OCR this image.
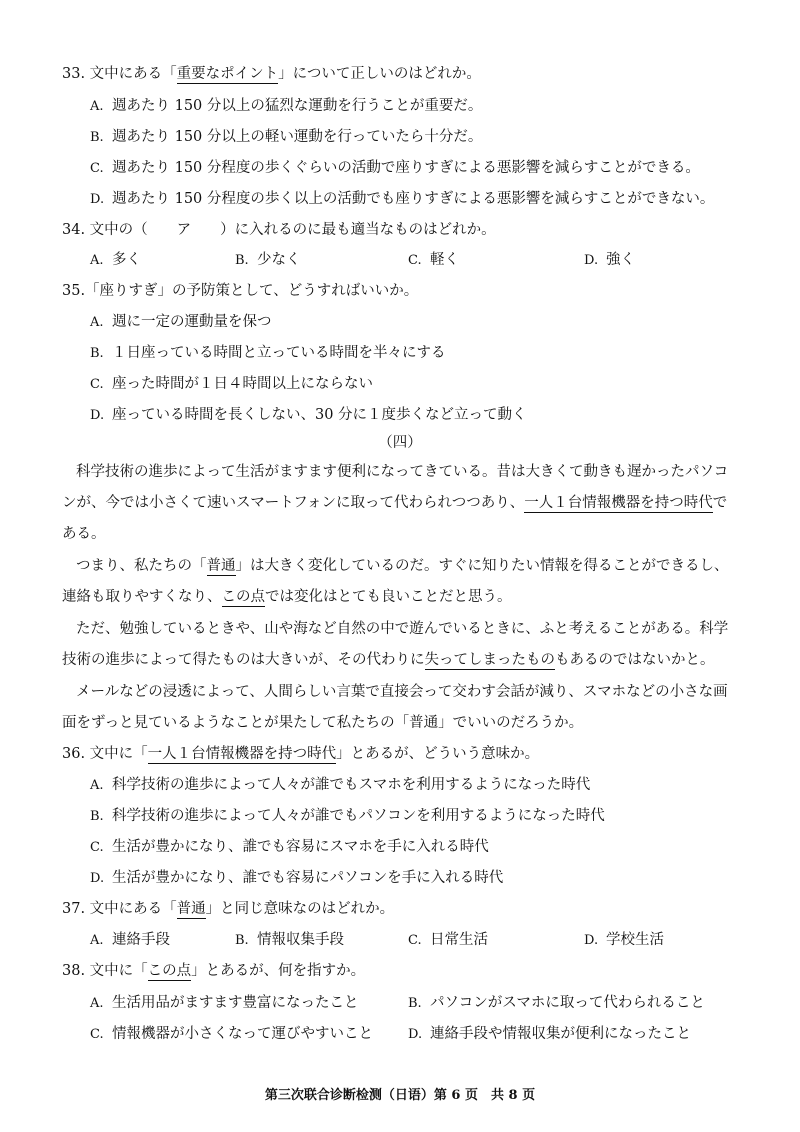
33. 文中にある「重要なポイント」について正しいのはどれか。
A. 週あたり 150 分以上の猛烈な運動を行うことが重要だ。
B. 週あたり 150 分以上の軽い運動を行っていたら十分だ。
C. 週あたり 150 分程度の歩くぐらいの活動で座りすぎによる悪影響を減らすことができる。
D. 週あたり 150 分程度の歩く以上の活動でも座りすぎによる悪影響を減らすことができない。
34. 文中の（　　ア　　）に入れるのに最も適当なものはどれか。
A. 多く	B. 少なく	C. 軽く	D. 強く
35.「座りすぎ」の予防策として、どうすればいいか。
A. 週に一定の運動量を保つ
B. １日座っている時間と立っている時間を半々にする
C. 座った時間が１日４時間以上にならない
D. 座っている時間を長くしない、30 分に１度歩くなど立って動く
（四）
科学技術の進歩によって生活がますます便利になってきている。昔は大きくて動きも遅かったパソコ
ンが、今では小さくて速いスマートフォンに取って代わられつつあり、一人１台情報機器を持つ時代で
ある。
つまり、私たちの「普通」は大きく変化しているのだ。すぐに知りたい情報を得ることができるし、
連絡も取りやすくなり、この点では変化はとても良いことだと思う。
ただ、勉強しているときや、山や海など自然の中で遊んでいるときに、ふと考えることがある。科学
技術の進歩によって得たものは大きいが、その代わりに失ってしまったものもあるのではないかと。
メールなどの浸透によって、人間らしい言葉で直接会って交わす会話が減り、スマホなどの小さな画
面をずっと見ているようなことが果たして私たちの「普通」でいいのだろうか。
36. 文中に「一人１台情報機器を持つ時代」とあるが、どういう意味か。
A. 科学技術の進歩によって人々が誰でもスマホを利用するようになった時代
B. 科学技術の進歩によって人々が誰でもパソコンを利用するようになった時代
C. 生活が豊かになり、誰でも容易にスマホを手に入れる時代
D. 生活が豊かになり、誰でも容易にパソコンを手に入れる時代
37. 文中にある「普通」と同じ意味なのはどれか。
A. 連絡手段	B. 情報収集手段	C. 日常生活	D. 学校生活
38. 文中に「この点」とあるが、何を指すか。
A. 生活用品がますます豊富になったこと	B. パソコンがスマホに取って代わられること
C. 情報機器が小さくなって運びやすいこと	D. 連絡手段や情報収集が便利になったこと
第三次联合诊断检测（日语）第 6 页　共 8 页
